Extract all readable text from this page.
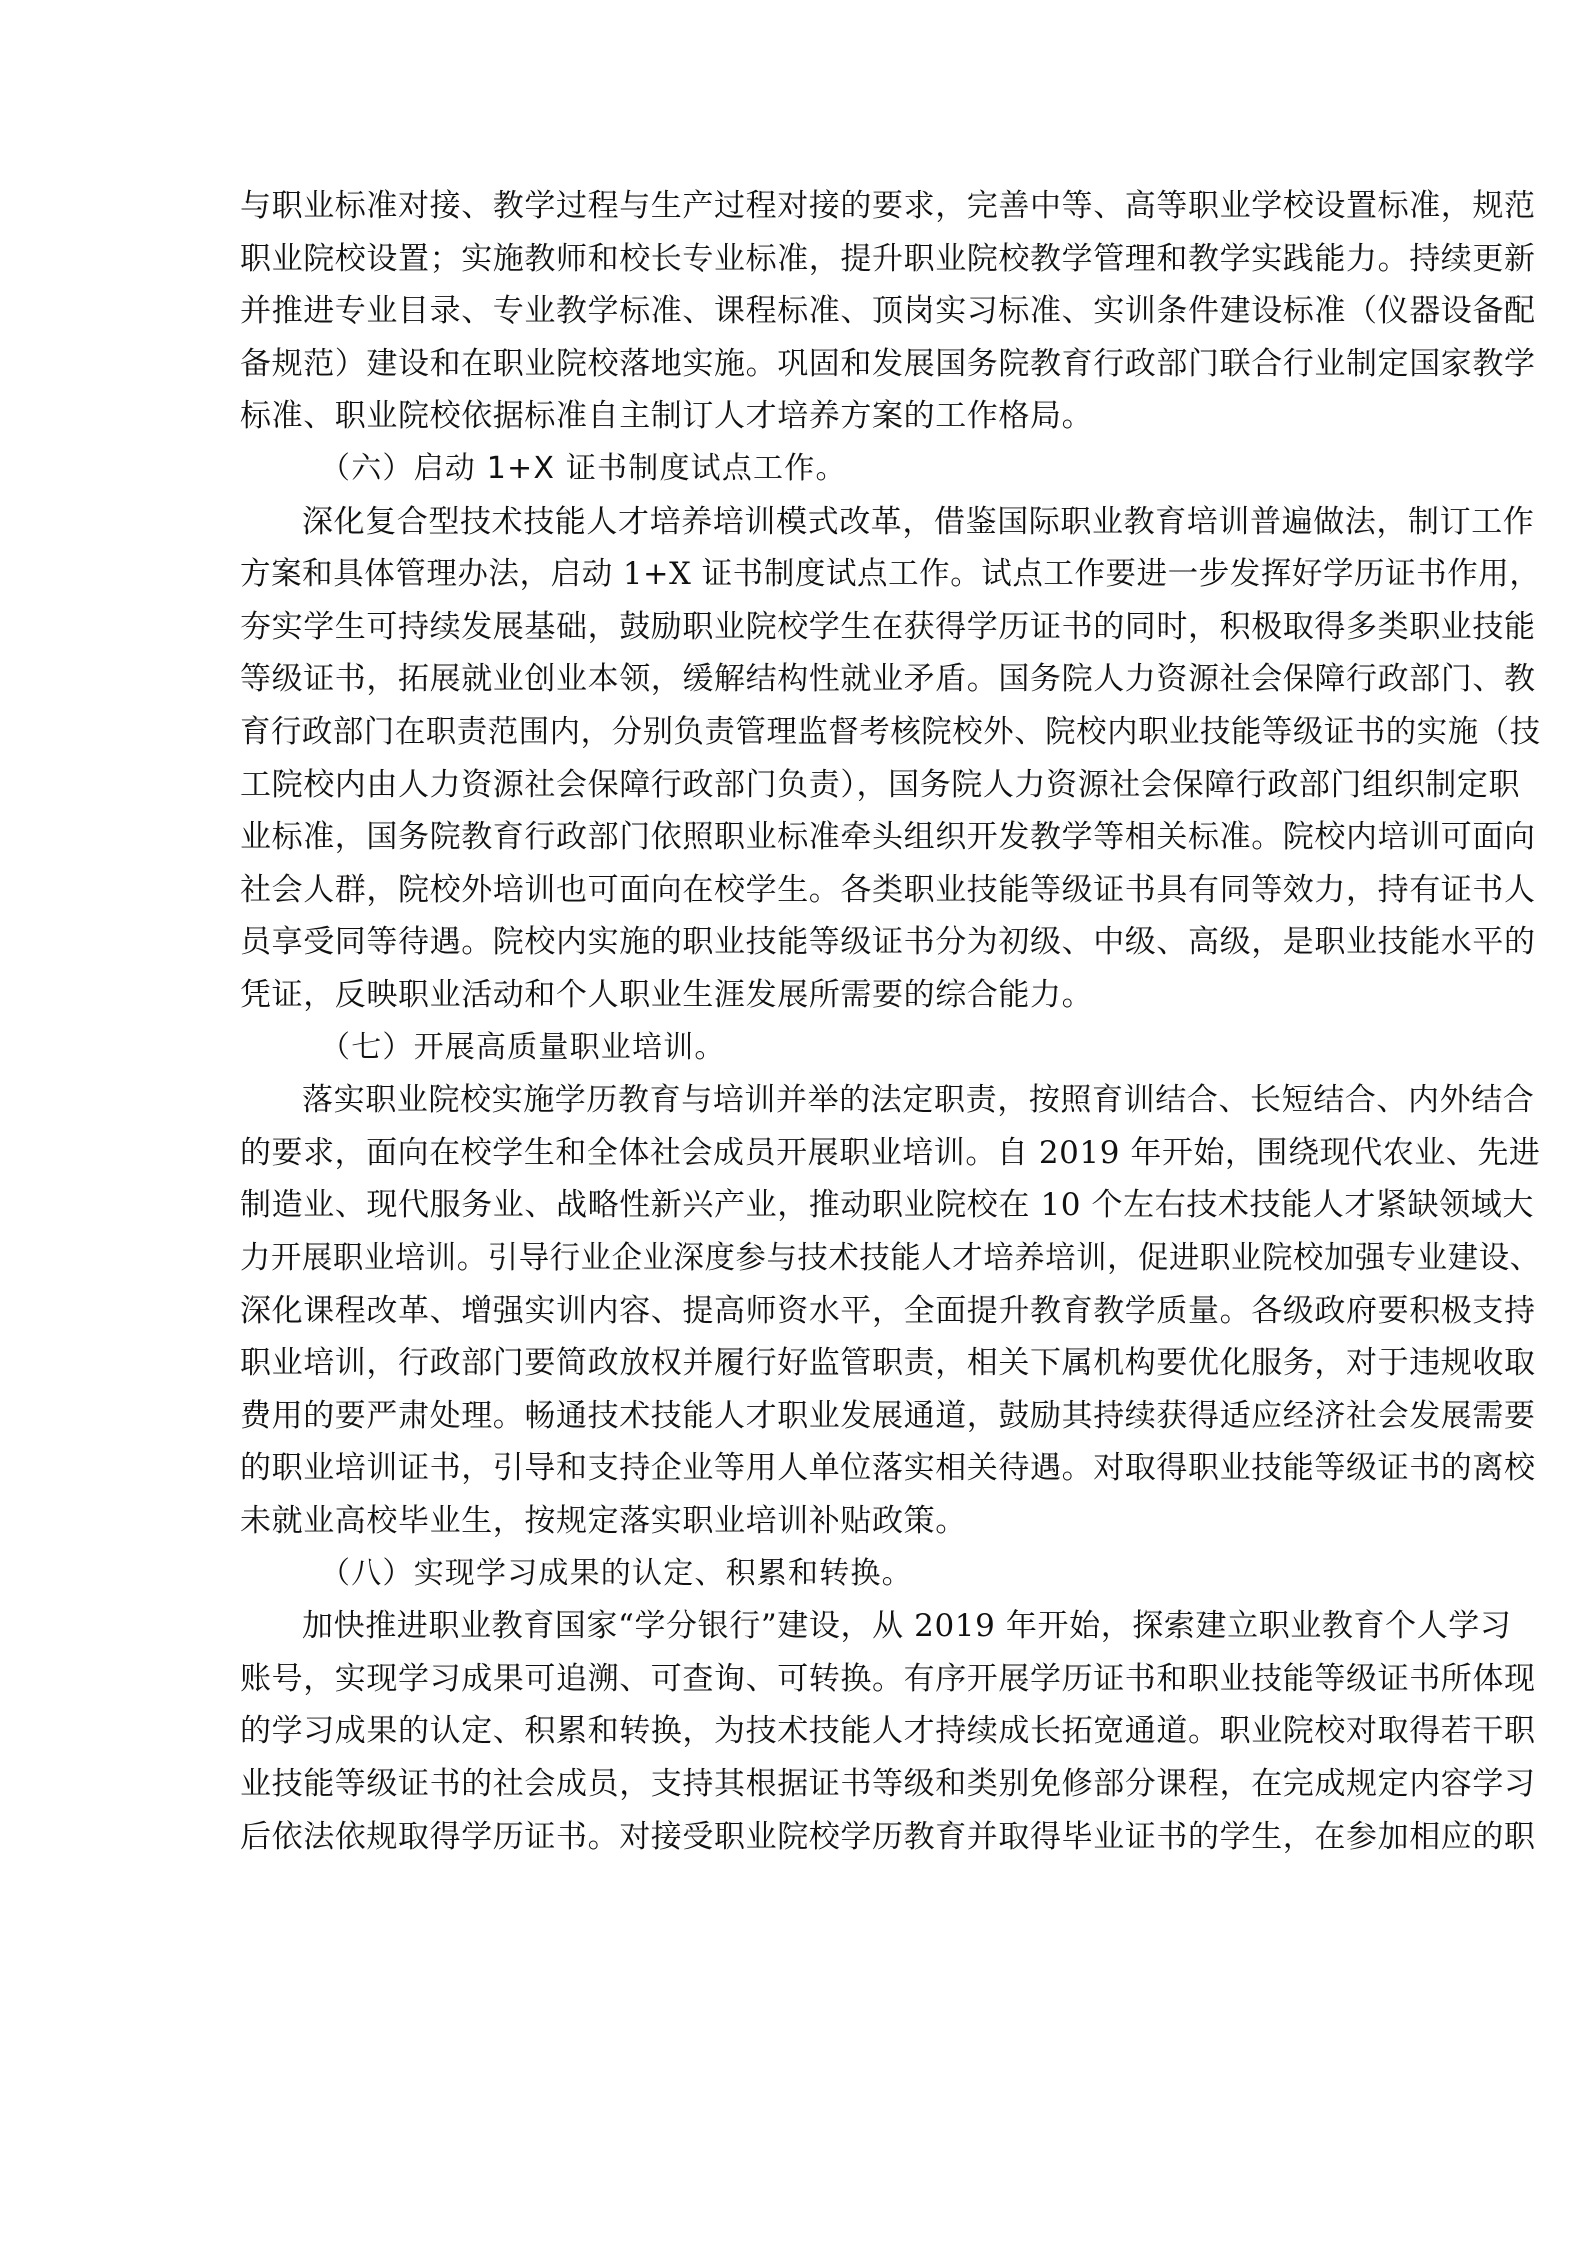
与职业标准对接、教学过程与生产过程对接的要求，完善中等、高等职业学校设置标准，规范
职业院校设置；实施教师和校长专业标准，提升职业院校教学管理和教学实践能力。持续更新
并推进专业目录、专业教学标准、课程标准、顶岗实习标准、实训条件建设标准（仪器设备配
备规范）建设和在职业院校落地实施。巩固和发展国务院教育行政部门联合行业制定国家教学
标准、职业院校依据标准自主制订人才培养方案的工作格局。
（六）启动 1+X 证书制度试点工作。
深化复合型技术技能人才培养培训模式改革，借鉴国际职业教育培训普遍做法，制订工作
方案和具体管理办法，启动 1+X 证书制度试点工作。试点工作要进一步发挥好学历证书作用，
夯实学生可持续发展基础，鼓励职业院校学生在获得学历证书的同时，积极取得多类职业技能
等级证书，拓展就业创业本领，缓解结构性就业矛盾。国务院人力资源社会保障行政部门、教
育行政部门在职责范围内，分别负责管理监督考核院校外、院校内职业技能等级证书的实施（技
工院校内由人力资源社会保障行政部门负责），国务院人力资源社会保障行政部门组织制定职
业标准，国务院教育行政部门依照职业标准牵头组织开发教学等相关标准。院校内培训可面向
社会人群，院校外培训也可面向在校学生。各类职业技能等级证书具有同等效力，持有证书人
员享受同等待遇。院校内实施的职业技能等级证书分为初级、中级、高级，是职业技能水平的
凭证，反映职业活动和个人职业生涯发展所需要的综合能力。
（七）开展高质量职业培训。
落实职业院校实施学历教育与培训并举的法定职责，按照育训结合、长短结合、内外结合
的要求，面向在校学生和全体社会成员开展职业培训。自 2019 年开始，围绕现代农业、先进
制造业、现代服务业、战略性新兴产业，推动职业院校在 10 个左右技术技能人才紧缺领域大
力开展职业培训。引导行业企业深度参与技术技能人才培养培训，促进职业院校加强专业建设、
深化课程改革、增强实训内容、提高师资水平，全面提升教育教学质量。各级政府要积极支持
职业培训，行政部门要简政放权并履行好监管职责，相关下属机构要优化服务，对于违规收取
费用的要严肃处理。畅通技术技能人才职业发展通道，鼓励其持续获得适应经济社会发展需要
的职业培训证书，引导和支持企业等用人单位落实相关待遇。对取得职业技能等级证书的离校
未就业高校毕业生，按规定落实职业培训补贴政策。
（八）实现学习成果的认定、积累和转换。
加快推进职业教育国家“学分银行”建设，从 2019 年开始，探索建立职业教育个人学习
账号，实现学习成果可追溯、可查询、可转换。有序开展学历证书和职业技能等级证书所体现
的学习成果的认定、积累和转换，为技术技能人才持续成长拓宽通道。职业院校对取得若干职
业技能等级证书的社会成员，支持其根据证书等级和类别免修部分课程，在完成规定内容学习
后依法依规取得学历证书。对接受职业院校学历教育并取得毕业证书的学生，在参加相应的职
